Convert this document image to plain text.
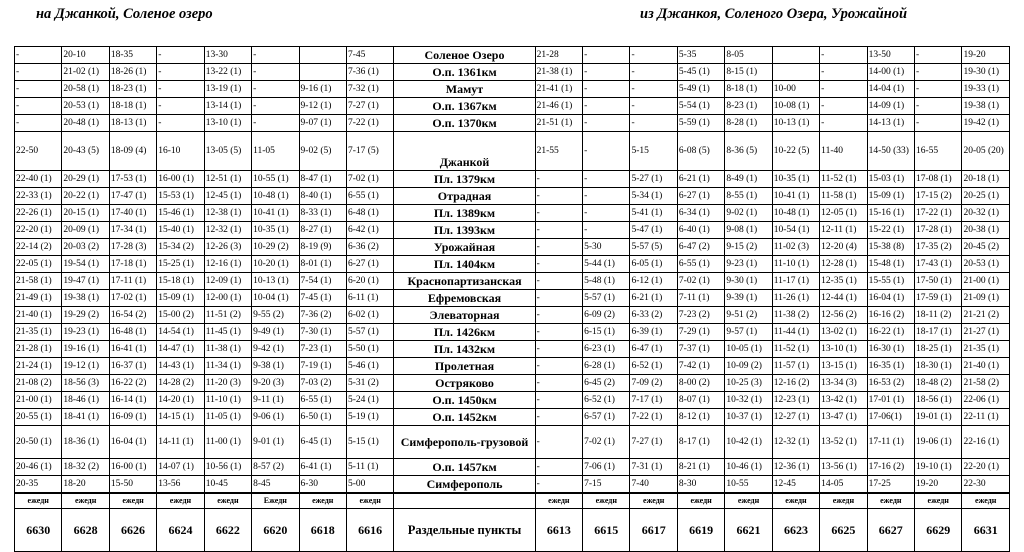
на Джанкой, Соленое озеро	из Джанкоя, Соленого Озера, Урожайной
-	20-10	18-35	-	13-30	-		7-45	Соленое Озеро	21-28	-	-	5-35	8-05		-	13-50	-	19-20
-	21-02 (1)	18-26 (1)	-	13-22 (1)	-		7-36 (1)	О.п. 1361км	21-38 (1)	-	-	5-45 (1)	8-15 (1)		-	14-00 (1)	-	19-30 (1)
-	20-58 (1)	18-23 (1)	-	13-19 (1)	-	9-16 (1)	7-32 (1)	Мамут	21-41 (1)	-	-	5-49 (1)	8-18 (1)	10-00	-	14-04 (1)	-	19-33 (1)
-	20-53 (1)	18-18 (1)	-	13-14 (1)	-	9-12 (1)	7-27 (1)	О.п. 1367км	21-46 (1)	-	-	5-54 (1)	8-23 (1)	10-08 (1)	-	14-09 (1)	-	19-38 (1)
-	20-48 (1)	18-13 (1)	-	13-10 (1)	-	9-07 (1)	7-22 (1)	О.п. 1370км	21-51 (1)	-	-	5-59 (1)	8-28 (1)	10-13 (1)	-	14-13 (1)	-	19-42 (1)
22-50	20-43 (5)	18-09 (4)	16-10	13-05 (5)	11-05	9-02 (5)	7-17 (5)	Джанкой	21-55	-	5-15	6-08 (5)	8-36 (5)	10-22 (5)	11-40	14-50 (33)	16-55	20-05 (20)
22-40 (1)	20-29 (1)	17-53 (1)	16-00 (1)	12-51 (1)	10-55 (1)	8-47 (1)	7-02 (1)	Пл. 1379км	-	-	5-27 (1)	6-21 (1)	8-49 (1)	10-35 (1)	11-52 (1)	15-03 (1)	17-08 (1)	20-18 (1)
22-33 (1)	20-22 (1)	17-47 (1)	15-53 (1)	12-45 (1)	10-48 (1)	8-40 (1)	6-55 (1)	Отрадная	-	-	5-34 (1)	6-27 (1)	8-55 (1)	10-41 (1)	11-58 (1)	15-09 (1)	17-15 (2)	20-25 (1)
22-26 (1)	20-15 (1)	17-40 (1)	15-46 (1)	12-38 (1)	10-41 (1)	8-33 (1)	6-48 (1)	Пл. 1389км	-	-	5-41 (1)	6-34 (1)	9-02 (1)	10-48 (1)	12-05 (1)	15-16 (1)	17-22 (1)	20-32 (1)
22-20 (1)	20-09 (1)	17-34 (1)	15-40 (1)	12-32 (1)	10-35 (1)	8-27 (1)	6-42 (1)	Пл. 1393км	-	-	5-47 (1)	6-40 (1)	9-08 (1)	10-54 (1)	12-11 (1)	15-22 (1)	17-28 (1)	20-38 (1)
22-14 (2)	20-03 (2)	17-28 (3)	15-34 (2)	12-26 (3)	10-29 (2)	8-19 (9)	6-36 (2)	Урожайная	-	5-30	5-57 (5)	6-47 (2)	9-15 (2)	11-02 (3)	12-20 (4)	15-38 (8)	17-35 (2)	20-45 (2)
22-05 (1)	19-54 (1)	17-18 (1)	15-25 (1)	12-16 (1)	10-20 (1)	8-01 (1)	6-27 (1)	Пл. 1404км	-	5-44 (1)	6-05 (1)	6-55 (1)	9-23 (1)	11-10 (1)	12-28 (1)	15-48 (1)	17-43 (1)	20-53 (1)
21-58 (1)	19-47 (1)	17-11 (1)	15-18 (1)	12-09 (1)	10-13 (1)	7-54 (1)	6-20 (1)	Краснопартизанская	-	5-48 (1)	6-12 (1)	7-02 (1)	9-30 (1)	11-17 (1)	12-35 (1)	15-55 (1)	17-50 (1)	21-00 (1)
21-49 (1)	19-38 (1)	17-02 (1)	15-09 (1)	12-00 (1)	10-04 (1)	7-45 (1)	6-11 (1)	Ефремовская	-	5-57 (1)	6-21 (1)	7-11 (1)	9-39 (1)	11-26 (1)	12-44 (1)	16-04 (1)	17-59 (1)	21-09 (1)
21-40 (1)	19-29 (2)	16-54 (2)	15-00 (2)	11-51 (2)	9-55 (2)	7-36 (2)	6-02 (1)	Элеваторная	-	6-09 (2)	6-33 (2)	7-23 (2)	9-51 (2)	11-38 (2)	12-56 (2)	16-16 (2)	18-11 (2)	21-21 (2)
21-35 (1)	19-23 (1)	16-48 (1)	14-54 (1)	11-45 (1)	9-49 (1)	7-30 (1)	5-57 (1)	Пл. 1426км	-	6-15 (1)	6-39 (1)	7-29 (1)	9-57 (1)	11-44 (1)	13-02 (1)	16-22 (1)	18-17 (1)	21-27 (1)
21-28 (1)	19-16 (1)	16-41 (1)	14-47 (1)	11-38 (1)	9-42 (1)	7-23 (1)	5-50 (1)	Пл. 1432км	-	6-23 (1)	6-47 (1)	7-37 (1)	10-05 (1)	11-52 (1)	13-10 (1)	16-30 (1)	18-25 (1)	21-35 (1)
21-24 (1)	19-12 (1)	16-37 (1)	14-43 (1)	11-34 (1)	9-38 (1)	7-19 (1)	5-46 (1)	Пролетная	-	6-28 (1)	6-52 (1)	7-42 (1)	10-09 (2)	11-57 (1)	13-15 (1)	16-35 (1)	18-30 (1)	21-40 (1)
21-08 (2)	18-56 (3)	16-22 (2)	14-28 (2)	11-20 (3)	9-20 (3)	7-03 (2)	5-31 (2)	Остряково	-	6-45 (2)	7-09 (2)	8-00 (2)	10-25 (3)	12-16 (2)	13-34 (3)	16-53 (2)	18-48 (2)	21-58 (2)
21-00 (1)	18-46 (1)	16-14 (1)	14-20 (1)	11-10 (1)	9-11 (1)	6-55 (1)	5-24 (1)	О.п. 1450км	-	6-52 (1)	7-17 (1)	8-07 (1)	10-32 (1)	12-23 (1)	13-42 (1)	17-01 (1)	18-56 (1)	22-06 (1)
20-55 (1)	18-41 (1)	16-09 (1)	14-15 (1)	11-05 (1)	9-06 (1)	6-50 (1)	5-19 (1)	О.п. 1452км	-	6-57 (1)	7-22 (1)	8-12 (1)	10-37 (1)	12-27 (1)	13-47 (1)	17-06(1)	19-01 (1)	22-11 (1)
20-50 (1)	18-36 (1)	16-04 (1)	14-11 (1)	11-00 (1)	9-01 (1)	6-45 (1)	5-15 (1)	Симферополь-грузовой	-	7-02 (1)	7-27 (1)	8-17 (1)	10-42 (1)	12-32 (1)	13-52 (1)	17-11 (1)	19-06 (1)	22-16 (1)
20-46 (1)	18-32 (2)	16-00 (1)	14-07 (1)	10-56 (1)	8-57 (2)	6-41 (1)	5-11 (1)	О.п. 1457км	-	7-06 (1)	7-31 (1)	8-21 (1)	10-46 (1)	12-36 (1)	13-56 (1)	17-16 (2)	19-10 (1)	22-20 (1)
20-35	18-20	15-50	13-56	10-45	8-45	6-30	5-00	Симферополь	-	7-15	7-40	8-30	10-55	12-45	14-05	17-25	19-20	22-30
ежедн	ежедн	ежедн	ежедн	ежедн	Ежедн	ежедн	ежедн		ежедн	ежедн	ежедн	ежедн	ежедн	ежедн	ежедн	ежедн	ежедн	ежедн
6630	6628	6626	6624	6622	6620	6618	6616	Раздельные пункты	6613	6615	6617	6619	6621	6623	6625	6627	6629	6631
